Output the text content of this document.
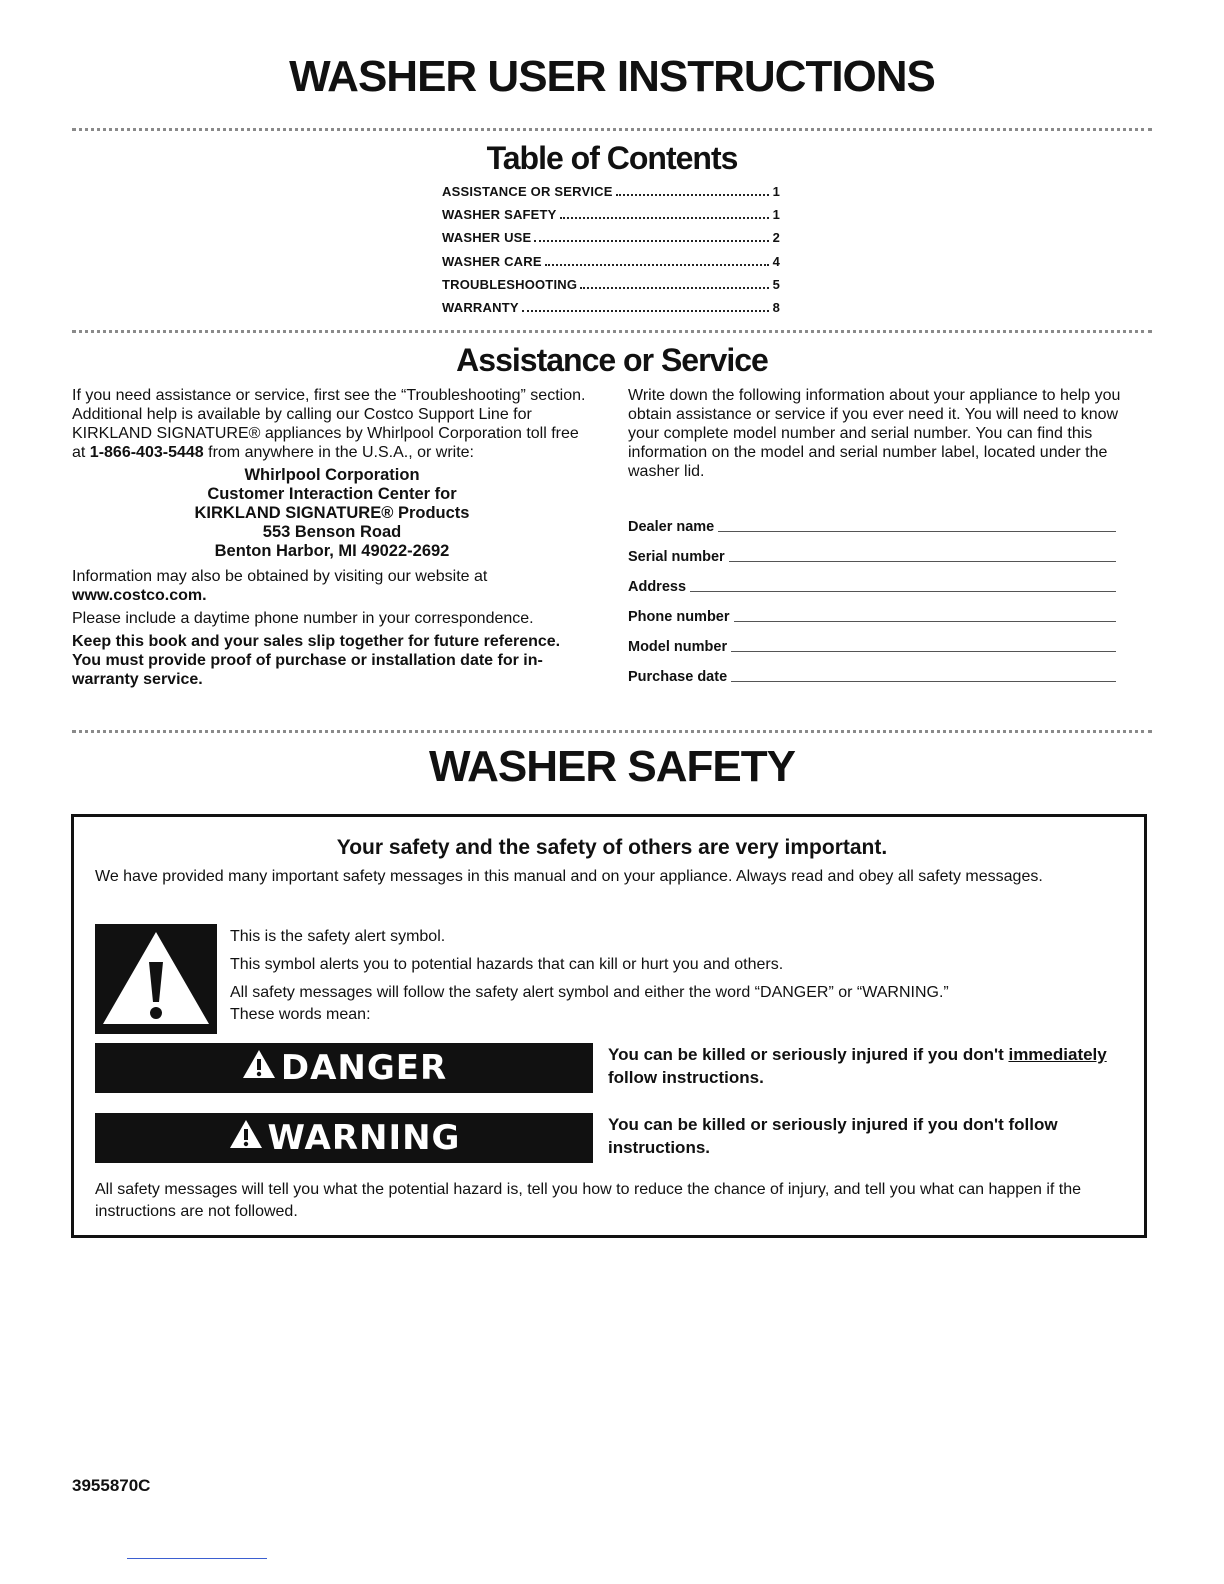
WASHER USER INSTRUCTIONS
Table of Contents
ASSISTANCE OR SERVICE	1
WASHER SAFETY	1
WASHER USE	2
WASHER CARE	4
TROUBLESHOOTING	5
WARRANTY	8
Assistance or Service

If you need assistance or service, first see the “Troubleshooting” section. Additional help is available by calling our Costco Support Line for KIRKLAND SIGNATURE® appliances by Whirlpool Corporation toll free at 1-866-403-5448 from anywhere in the U.S.A., or write:

Whirlpool Corporation
Customer Interaction Center for
KIRKLAND SIGNATURE® Products
553 Benson Road
Benton Harbor, MI 49022-2692

Information may also be obtained by visiting our website at
www.costco.com.

Please include a daytime phone number in your correspondence.

Keep this book and your sales slip together for future reference. You must provide proof of purchase or installation date for in-warranty service.

Write down the following information about your appliance to help you obtain assistance or service if you ever need it. You will need to know your complete model number and serial number. You can find this information on the model and serial number label, located under the washer lid.

Dealer name
Serial number
Address
Phone number
Model number
Purchase date
WASHER SAFETY
Your safety and the safety of others are very important.

We have provided many important safety messages in this manual and on your appliance. Always read and obey all safety messages.

This is the safety alert symbol.

This symbol alerts you to potential hazards that can kill or hurt you and others.

All safety messages will follow the safety alert symbol and either the word “DANGER” or “WARNING.”

These words mean:

DANGER	You can be killed or seriously injured if you don't immediately follow instructions.

WARNING	You can be killed or seriously injured if you don't follow instructions.

All safety messages will tell you what the potential hazard is, tell you how to reduce the chance of injury, and tell you what can happen if the instructions are not followed.

3955870C
